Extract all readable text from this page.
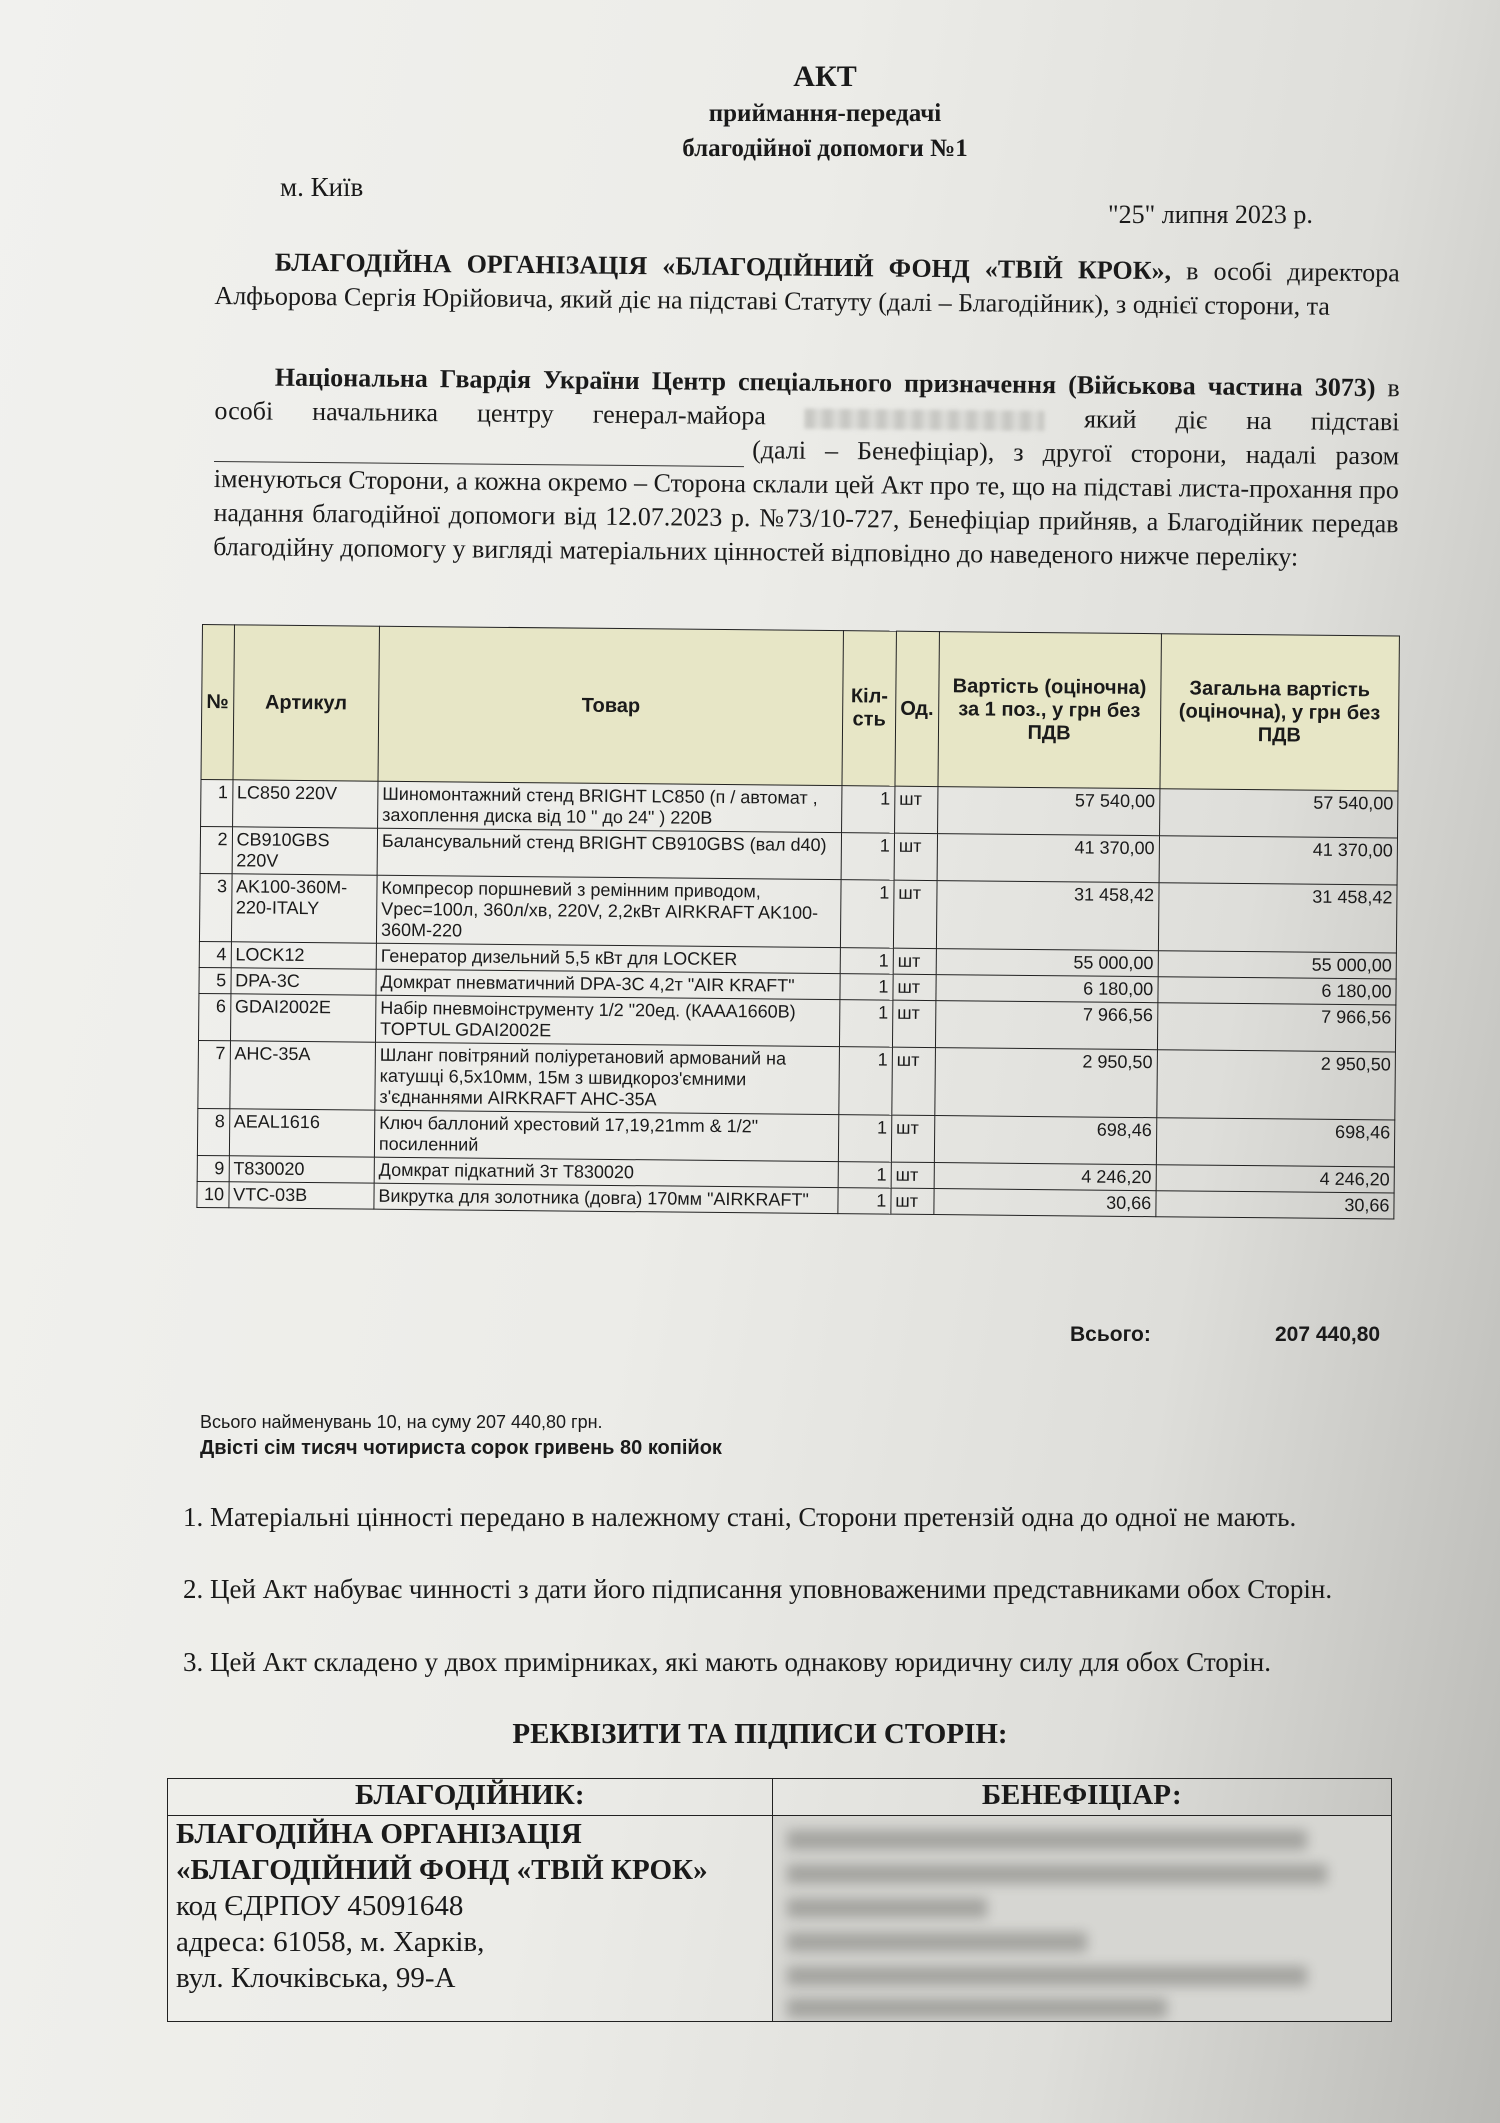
АКТ
приймання-передачі
благодійної допомоги №1
м. Київ
"25" липня 2023 р.
БЛАГОДІЙНА ОРГАНІЗАЦІЯ «БЛАГОДІЙНИЙ ФОНД «ТВІЙ КРОК», в особі директора Алфьорова Сергія Юрійовича, який діє на підставі Статуту (далі – Благодійник), з однієї сторони, та
Національна Гвардія України Центр спеціального призначення (Військова частина 3073) в особі начальника центру генерал-майора	який діє на підставі (далі – Бенефіціар), з другої сторони, надалі разом іменуються Сторони, а кожна окремо – Сторона склали цей Акт про те, що на підставі листа-прохання про надання благодійної допомоги від 12.07.2023 р. №73/10-727, Бенефіціар прийняв, а Благодійник передав благодійну допомогу у вигляді матеріальних цінностей відповідно до наведеного нижче переліку:
№	Артикул	Товар	Кіл-сть	Од.	Вартість (оціночна) за 1 поз., у грн без ПДВ	Загальна вартість (оціночна), у грн без ПДВ
1	LC850 220V	Шиномонтажний стенд BRIGHT LC850 (п / автомат , захоплення диска від 10 " до 24" ) 220В	1	шт	57 540,00	57 540,00
2	CB910GBS 220V	Балансувальний стенд BRIGHT CB910GBS (вал d40)	1	шт	41 370,00	41 370,00
3	AK100-360M-220-ITALY	Компресор поршневий з ремінним приводом, Vрес=100л, 360л/хв, 220V, 2,2кВт AIRKRAFT AK100-360M-220	1	шт	31 458,42	31 458,42
4	LOCK12	Генератор дизельний 5,5 кВт для LOCKER	1	шт	55 000,00	55 000,00
5	DPA-3C	Домкрат пневматичний DPA-3C 4,2т "AIR KRAFT"	1	шт	6 180,00	6 180,00
6	GDAI2002E	Набір пневмоінструменту 1/2 "20ед. (КААА1660В) TOPTUL GDAI2002E	1	шт	7 966,56	7 966,56
7	AHC-35A	Шланг повітряний поліуретановий армований на катушці 6,5х10мм, 15м з швидкороз'ємними з'єднаннями AIRKRAFT AHC-35A	1	шт	2 950,50	2 950,50
8	AEAL1616	Ключ баллоний хрестовий 17,19,21mm & 1/2" посиленний	1	шт	698,46	698,46
9	T830020	Домкрат підкатний 3т T830020	1	шт	4 246,20	4 246,20
10	VTC-03B	Викрутка для золотника (довга) 170мм "AIRKRAFT"	1	шт	30,66	30,66
Всього:	207 440,80
Всього найменувань 10, на суму 207 440,80 грн.
Двісті сім тисяч чотириста сорок гривень 80 копійок
1. Матеріальні цінності передано в належному стані, Сторони претензій одна до одної не мають.
2. Цей Акт набуває чинності з дати його підписання уповноваженими представниками обох Сторін.
3. Цей Акт складено у двох примірниках, які мають однакову юридичну силу для обох Сторін.
РЕКВІЗИТИ ТА ПІДПИСИ СТОРІН:
БЛАГОДІЙНИК:	БЕНЕФІЦІАР:

БЛАГОДІЙНА ОРГАНІЗАЦІЯ
«БЛАГОДІЙНИЙ ФОНД «ТВІЙ КРОК»
код ЄДРПОУ 45091648
адреса: 61058, м. Харків,
вул. Клочківська, 99-А	
